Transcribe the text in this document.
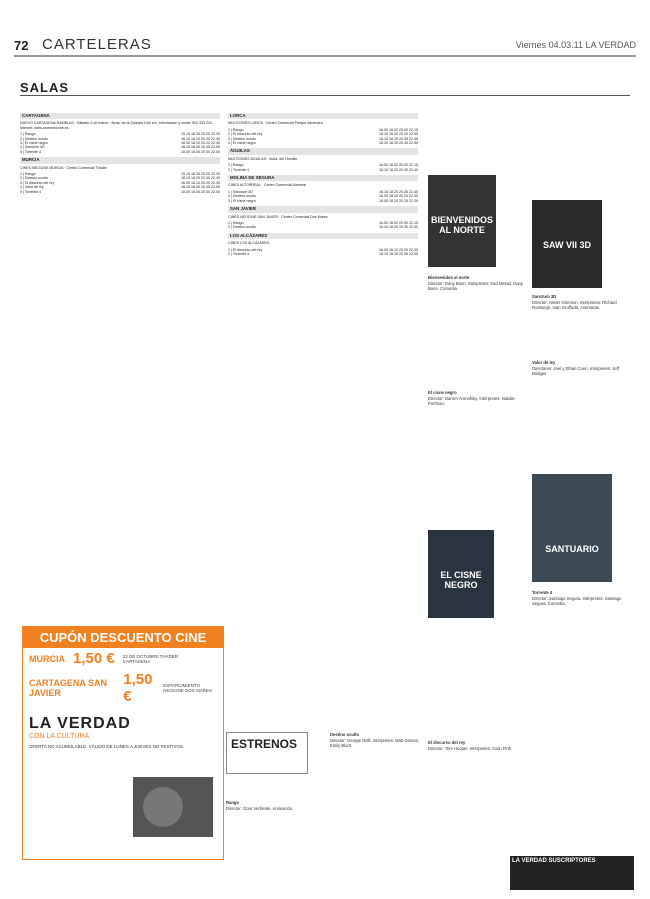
72 CARTELERAS	Viernes 04.03.11 LA VERDAD
SALAS
CARTAGENA
NUEVO CARTAGENA RAMBLAS · Sábado 3 de marzo · Avda. de la Guardia Civil s/n. Información y venta: 902 333 231. Internet: www.cinesneocine.es
1 | Rango	15.15 18.25 20.25 22.30
2 | Destino oculto	16.10 18.20 20.30 22.40
3 | El cisne negro	16.00 18.10 20.20 22.30
4 | Sanctum 3D	16.15 18.30 20.45 22.50
5 | Torrente 4	16.00 18.00 20.00 22.00
MURCIA
CINES NEOCINE MURCIA · Centro Comercial Thader
1 | Rango	15.15 18.25 20.25 22.30
2 | Destino oculto	16.10 18.20 20.30 22.40
3 | El discurso del rey	16.00 18.10 20.20 22.30
4 | Valor de ley	16.15 18.30 20.45 22.50
5 | Torrente 4	16.00 18.00 20.00 22.00
LORCA
MULTICINES LORCA · Centro Comercial Parque Almenara
1 | Rango	16.00 18.00 20.00 22.15
2 | El discurso del rey	16.10 18.20 20.30 22.40
3 | Destino oculto	16.15 18.25 20.35 22.45
4 | El cisne negro	16.20 18.30 20.40 22.50
ÁGUILAS
MULTICINES ÁGUILAS · Avda. del Hornillo
1 | Rango	16.00 18.00 20.00 22.15
2 | Torrente 4	16.10 18.20 20.30 22.40
MOLINA DE SEGURA
CINES ALTORREAL · Centro Comercial Altorreal
1 | Sanctum 3D	16.15 18.25 20.35 22.45
2 | Destino oculto	16.00 18.10 20.20 22.30
3 | El cisne negro	16.05 18.15 20.25 22.35
SAN JAVIER
CINES NEOCINE SAN JAVIER · Centro Comercial Dos Mares
1 | Rango	16.00 18.00 20.00 22.15
2 | Destino oculto	16.10 18.20 20.30 22.40
LOS ALCÁZARES
CINES LOS ALCÁZARES
1 | El discurso del rey	16.00 18.10 20.20 22.30
2 | Torrente 4	16.15 18.25 20.35 22.45
CUPÓN DESCUENTO CINE
MURCIA 1,50 € 22 DE OCTUBRE THADER CARTAGENA
CARTAGENA SAN JAVIER
1,50 €
ESPARCIMIENTO NEOCINE DOS MARES
LA VERDAD
CON LA CULTURA
OFERTA NO ACUMULABLE. VÁLIDO DE LUNES A JUEVES NO FESTIVOS.	ESTRENOS
BIENVENIDOS AL NORTE
SAW VII 3D
SANTUARIO
EL CISNE NEGRO
Bienvenidos al norte
Director: Dany Boon. Intérpretes: Kad Merad, Dany Boon. Comedia.
El cisne negro
Director: Darren Aronofsky. Intérpretes: Natalie Portman.
Sanctum 3D
Director: Alister Grierson. Intérpretes: Richard Roxburgh, Ioan Gruffudd. Aventuras.
Valor de ley
Directores: Joel y Ethan Coen. Intérpretes: Jeff Bridges.
Torrente 4
Director: Santiago Segura. Intérpretes: Santiago Segura. Comedia.
Destino oculto
Director: George Nolfi. Intérpretes: Matt Damon, Emily Blunt.
Rango
Director: Gore Verbinski. Animación.
El discurso del rey
Director: Tom Hooper. Intérpretes: Colin Firth.
LA VERDAD SUSCRIPTORES
